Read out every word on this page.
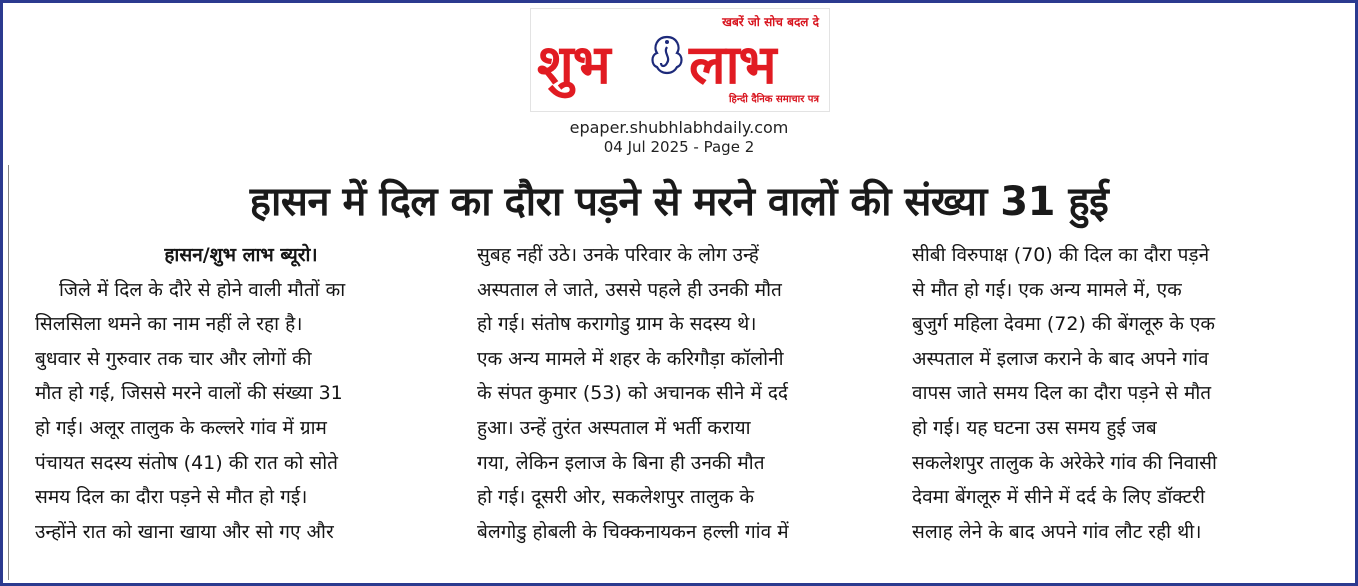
खबरें जो सोच बदल दे
शुभ लाभ
हिन्दी दैनिक समाचार पत्र
epaper.shubhlabhdaily.com
04 Jul 2025 - Page 2
हासन में दिल का दौरा पड़ने से मरने वालों की संख्या 31 हुई
हासन/शुभ लाभ ब्यूरो।
जिले में दिल के दौरे से होने वाली मौतों का
सिलसिला थमने का नाम नहीं ले रहा है।
बुधवार से गुरुवार तक चार और लोगों की
मौत हो गई, जिससे मरने वालों की संख्या 31
हो गई। अलूर तालुक के कल्लरे गांव में ग्राम
पंचायत सदस्य संतोष (41) की रात को सोते
समय दिल का दौरा पड़ने से मौत हो गई।
उन्होंने रात को खाना खाया और सो गए और
सुबह नहीं उठे। उनके परिवार के लोग उन्हें
अस्पताल ले जाते, उससे पहले ही उनकी मौत
हो गई। संतोष करागोडु ग्राम के सदस्य थे।
एक अन्य मामले में शहर के करिगौड़ा कॉलोनी
के संपत कुमार (53) को अचानक सीने में दर्द
हुआ। उन्हें तुरंत अस्पताल में भर्ती कराया
गया, लेकिन इलाज के बिना ही उनकी मौत
हो गई। दूसरी ओर, सकलेशपुर तालुक के
बेलगोडु होबली के चिक्कनायकन हल्ली गांव में
सीबी विरुपाक्ष (70) की दिल का दौरा पड़ने
से मौत हो गई। एक अन्य मामले में, एक
बुजुर्ग महिला देवमा (72) की बेंगलूरु के एक
अस्पताल में इलाज कराने के बाद अपने गांव
वापस जाते समय दिल का दौरा पड़ने से मौत
हो गई। यह घटना उस समय हुई जब
सकलेशपुर तालुक के अरेकेरे गांव की निवासी
देवमा बेंगलूरु में सीने में दर्द के लिए डॉक्टरी
सलाह लेने के बाद अपने गांव लौट रही थी।
